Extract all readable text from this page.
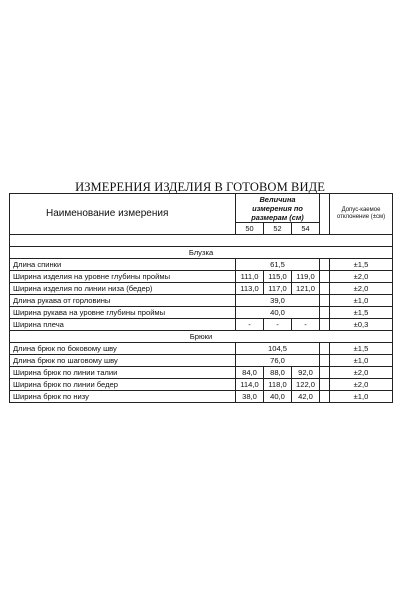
ИЗМЕРЕНИЯ ИЗДЕЛИЯ В ГОТОВОМ ВИДЕ
Наименование измерения	Величина измерения по размерам (см)				Допус-каемое отклонение (±см)
	50	52	54		

Блузка					
Длина спинки	61,5				±1,5
Ширина изделия на уровне глубины проймы	111,0	115,0	119,0		±2,0
Ширина изделия по линии низа (бедер)	113,0	117,0	121,0		±2,0
Длина рукава от горловины	39,0				±1,0
Ширина рукава на уровне глубины проймы	40,0				±1,5
Ширина плеча	-	-	-		±0,3
Брюки					
Длина брюк по боковому шву	104,5				±1,5
Длина брюк по шаговому шву	76,0				±1,0
Ширина брюк по линии талии	84,0	88,0	92,0		±2,0
Ширина брюк по линии бедер	114,0	118,0	122,0		±2,0
Ширина брюк по низу	38,0	40,0	42,0		±1,0
